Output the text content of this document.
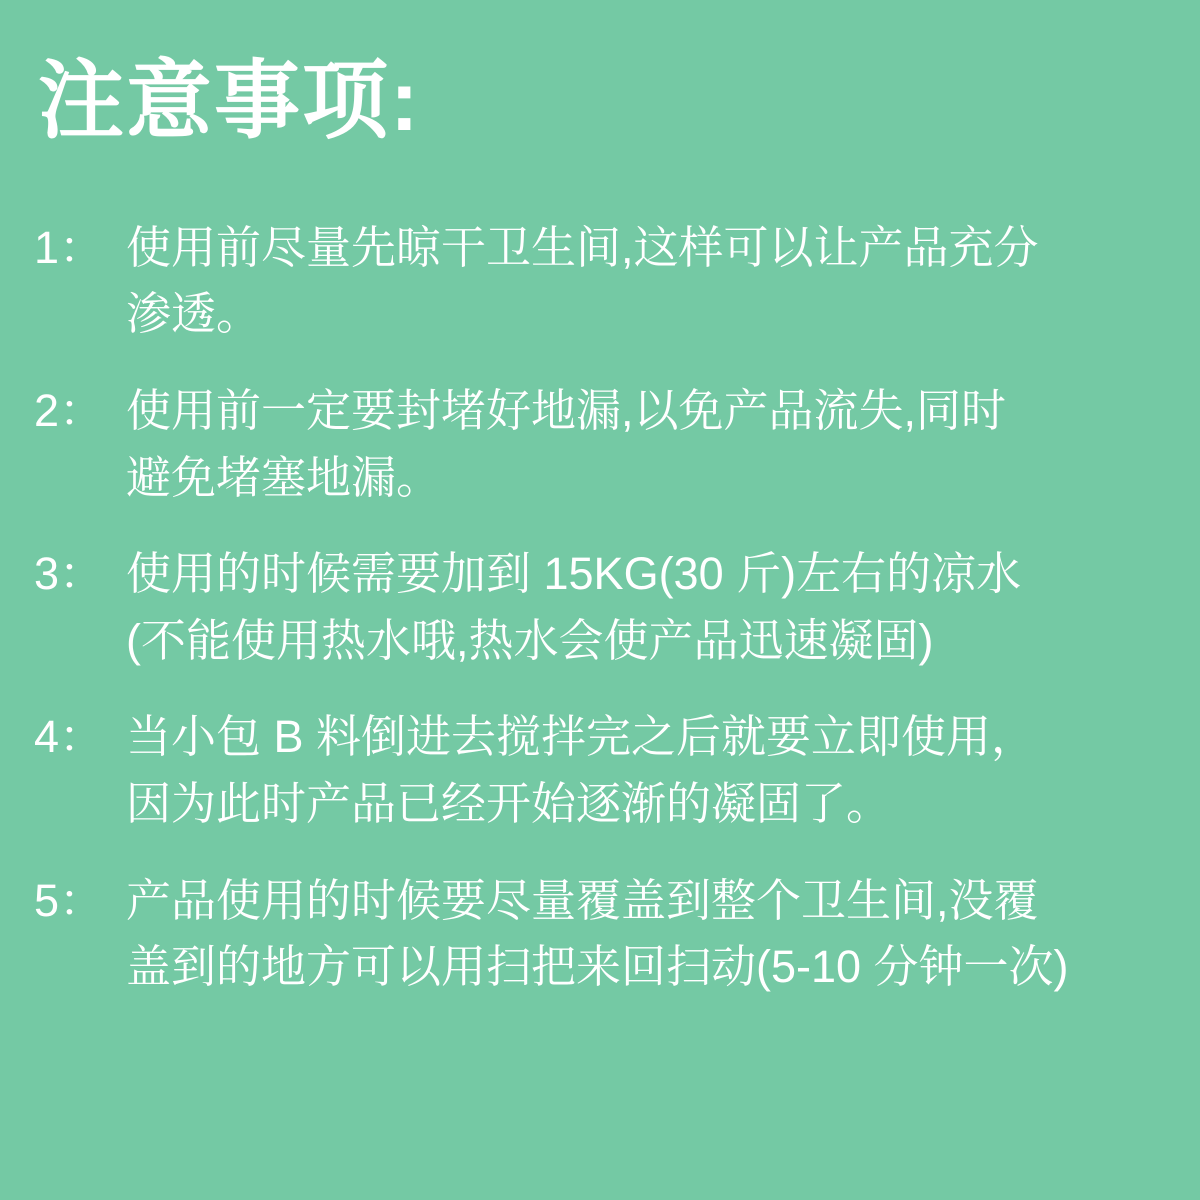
注意事项:
1： 使用前尽量先晾干卫生间,这样可以让产品充分
渗透。
2： 使用前一定要封堵好地漏,以免产品流失,同时
避免堵塞地漏。
3： 使用的时候需要加到 15KG(30 斤)左右的凉水
(不能使用热水哦,热水会使产品迅速凝固)
4： 当小包 B 料倒进去搅拌完之后就要立即使用，
因为此时产品已经开始逐渐的凝固了。
5： 产品使用的时候要尽量覆盖到整个卫生间,没覆
盖到的地方可以用扫把来回扫动(5-10 分钟一次)
